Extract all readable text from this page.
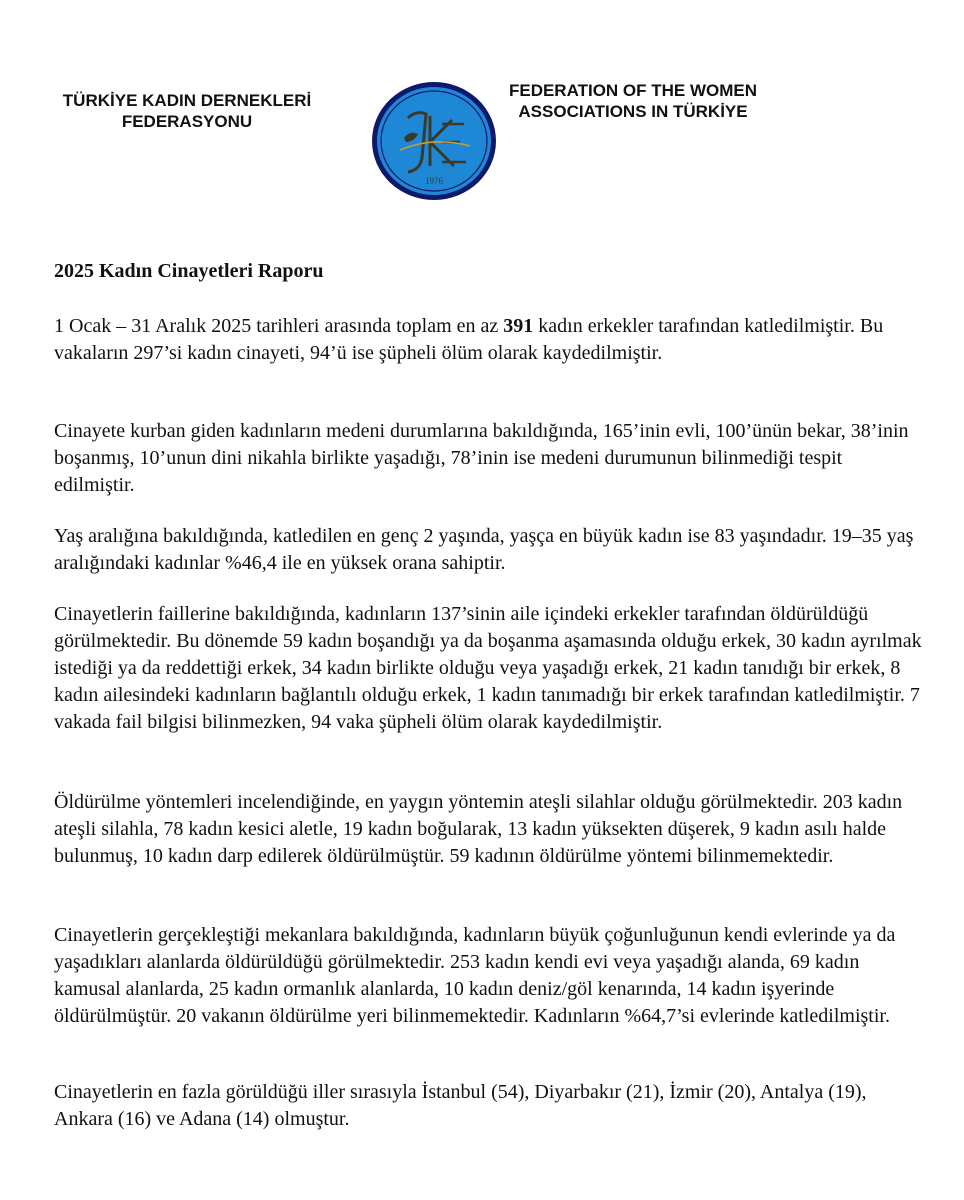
TÜRKİYE KADIN DERNEKLERİ FEDERASYONU
1976
FEDERATION OF THE WOMEN ASSOCIATIONS IN TÜRKİYE
2025 Kadın Cinayetleri Raporu

1 Ocak – 31 Aralık 2025 tarihleri arasında toplam en az 391 kadın erkekler tarafından katledilmiştir. Bu vakaların 297’si kadın cinayeti, 94’ü ise şüpheli ölüm olarak kaydedilmiştir.

Cinayete kurban giden kadınların medeni durumlarına bakıldığında, 165’inin evli, 100’ünün bekar, 38’inin boşanmış, 10’unun dini nikahla birlikte yaşadığı, 78’inin ise medeni durumunun bilinmediği tespit edilmiştir.

Yaş aralığına bakıldığında, katledilen en genç 2 yaşında, yaşça en büyük kadın ise 83 yaşındadır. 19–35 yaş aralığındaki kadınlar %46,4 ile en yüksek orana sahiptir.

Cinayetlerin faillerine bakıldığında, kadınların 137’sinin aile içindeki erkekler tarafından öldürüldüğü görülmektedir. Bu dönemde 59 kadın boşandığı ya da boşanma aşamasında olduğu erkek, 30 kadın ayrılmak istediği ya da reddettiği erkek, 34 kadın birlikte olduğu veya yaşadığı erkek, 21 kadın tanıdığı bir erkek, 8 kadın ailesindeki kadınların bağlantılı olduğu erkek, 1 kadın tanımadığı bir erkek tarafından katledilmiştir. 7 vakada fail bilgisi bilinmezken, 94 vaka şüpheli ölüm olarak kaydedilmiştir.

Öldürülme yöntemleri incelendiğinde, en yaygın yöntemin ateşli silahlar olduğu görülmektedir. 203 kadın ateşli silahla, 78 kadın kesici aletle, 19 kadın boğularak, 13 kadın yüksekten düşerek, 9 kadın asılı halde bulunmuş, 10 kadın darp edilerek öldürülmüştür. 59 kadının öldürülme yöntemi bilinmemektedir.

Cinayetlerin gerçekleştiği mekanlara bakıldığında, kadınların büyük çoğunluğunun kendi evlerinde ya da yaşadıkları alanlarda öldürüldüğü görülmektedir. 253 kadın kendi evi veya yaşadığı alanda, 69 kadın kamusal alanlarda, 25 kadın ormanlık alanlarda, 10 kadın deniz/göl kenarında, 14 kadın işyerinde öldürülmüştür. 20 vakanın öldürülme yeri bilinmemektedir. Kadınların %64,7’si evlerinde katledilmiştir.

Cinayetlerin en fazla görüldüğü iller sırasıyla İstanbul (54), Diyarbakır (21), İzmir (20), Antalya (19), Ankara (16) ve Adana (14) olmuştur.
